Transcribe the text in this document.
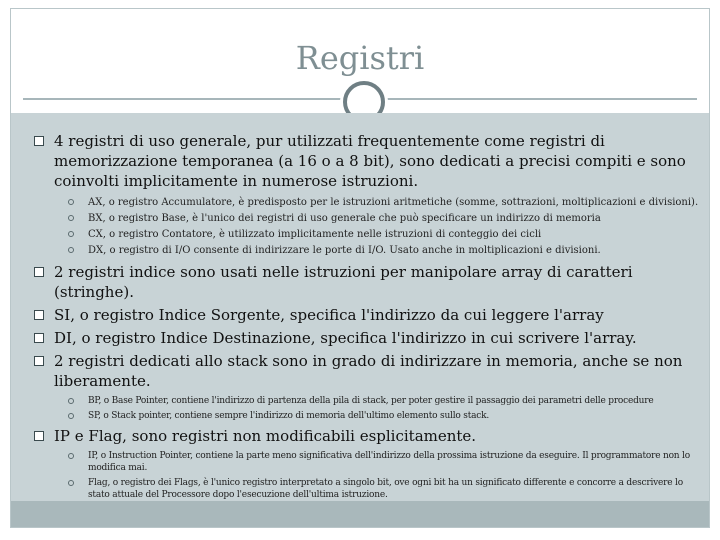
Registri
4 registri di uso generale, pur utilizzati frequentemente come registri di memorizzazione temporanea (a 16 o a 8 bit), sono dedicati a precisi compiti e sono coinvolti implicitamente in numerose istruzioni.
AX, o registro Accumulatore, è predisposto per le istruzioni aritmetiche (somme, sottrazioni, moltiplicazioni e divisioni).
BX, o registro Base, è l'unico dei registri di uso generale che può specificare un indirizzo di memoria
CX, o registro Contatore, è utilizzato implicitamente nelle istruzioni di conteggio dei cicli
DX, o registro di I/O consente di indirizzare le porte di I/O. Usato anche in moltiplicazioni e divisioni.
2 registri indice sono usati nelle istruzioni per manipolare array di caratteri (stringhe).
SI, o registro Indice Sorgente, specifica l'indirizzo da cui leggere l'array
DI, o registro Indice Destinazione, specifica l'indirizzo in cui scrivere l'array.
2 registri dedicati allo stack sono in grado di indirizzare in memoria, anche se non liberamente.
BP, o Base Pointer, contiene l'indirizzo di partenza della pila di stack, per poter gestire il passaggio dei parametri delle procedure
SP, o Stack pointer, contiene sempre l'indirizzo di memoria dell'ultimo elemento sullo stack.
IP e Flag, sono registri non modificabili esplicitamente.
IP, o Instruction Pointer, contiene la parte meno significativa dell'indirizzo della prossima istruzione da eseguire. Il programmatore non lo modifica mai.
Flag, o registro dei Flags, è l'unico registro interpretato a singolo bit, ove ogni bit ha un significato differente e concorre a descrivere lo stato attuale del Processore dopo l'esecuzione dell'ultima istruzione.
